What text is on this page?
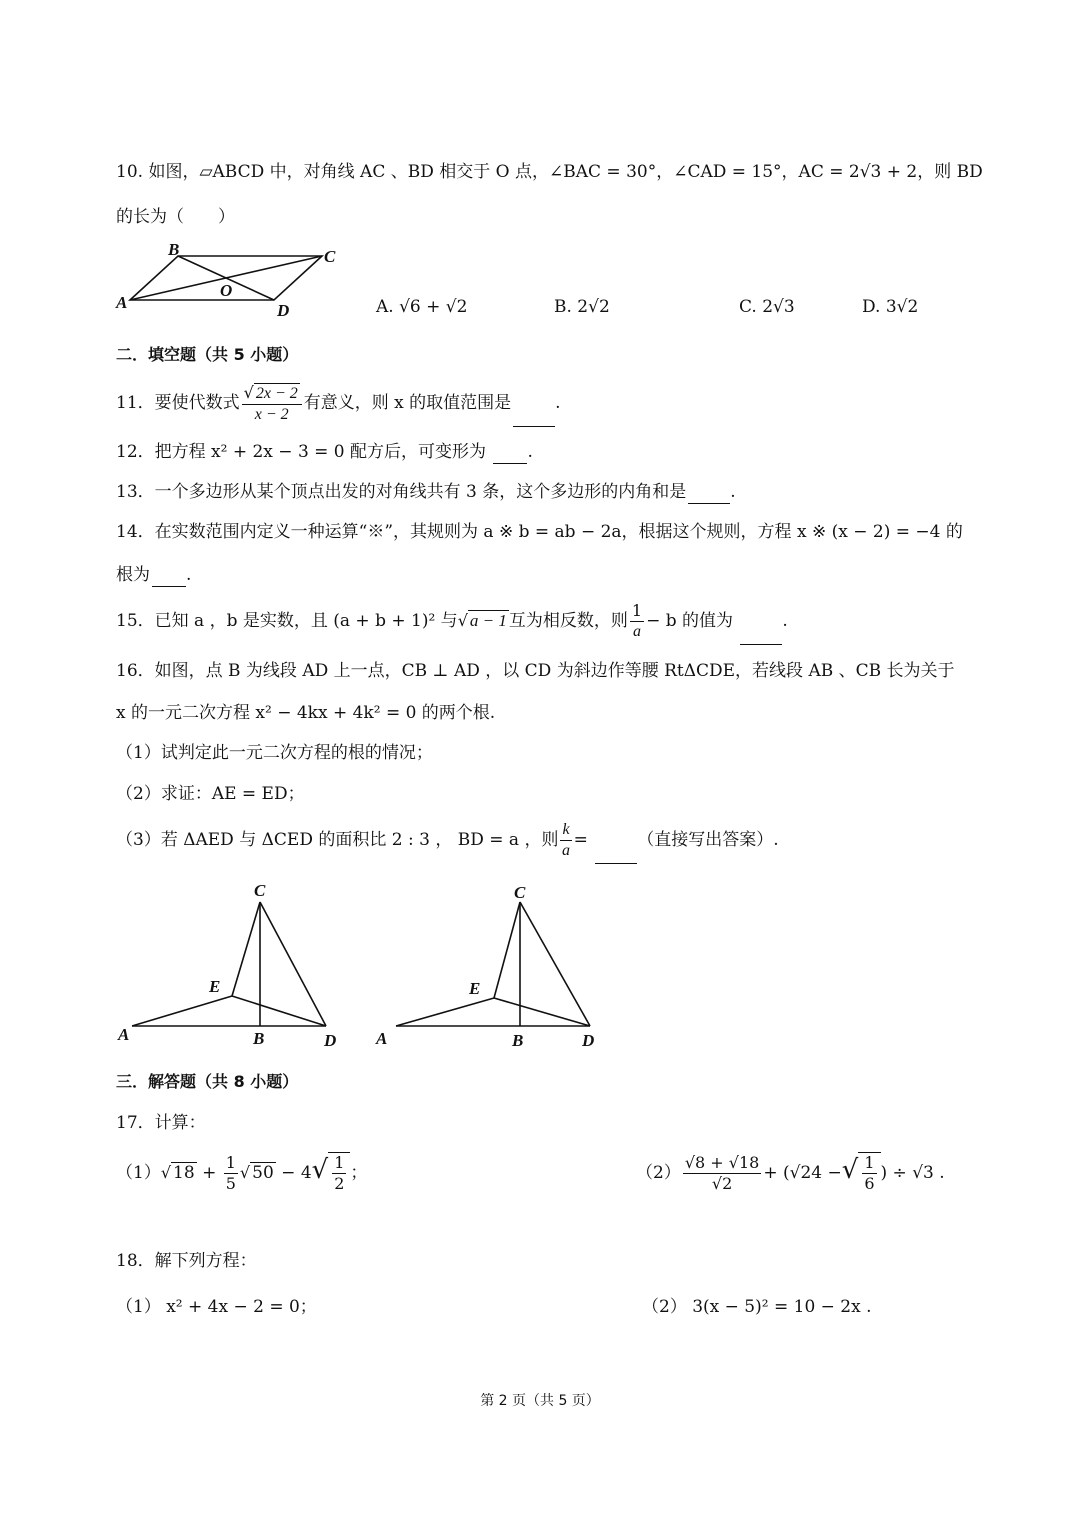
10. 如图，▱ABCD 中，对角线 AC 、BD 相交于 O 点，∠BAC = 30°，∠CAD = 15°，AC = 2√3 + 2，则 BD
的长为（　　）
B	C
A
O
D	A. √6 + √2	B. 2√2	C. 2√3	D. 3√2
二．填空题（共 5 小题）
11．要使代数式 $\frac{√ 2x - 2}{x - 2}$ 有意义，则 x 的取值范围是	.
12．把方程 x² + 2x − 3 = 0 配方后，可变形为 .
13．一个多边形从某个顶点出发的对角线共有 3 条，这个多边形的内角和是	.
14．在实数范围内定义一种运算“※”，其规则为 a ※ b = ab − 2a，根据这个规则，方程 x ※ (x − 2) = −4 的
根为 .
15．已知 a ，b 是实数，且 (a + b + 1)² 与√ a − 1 互为相反数，则 $\frac{1}{a} - b$ 的值为	.
16．如图，点 B 为线段 AD 上一点，CB ⊥ AD ，以 CD 为斜边作等腰 RtΔCDE，若线段 AB 、CB 长为关于
x 的一元二次方程 x² − 4kx + 4k² = 0 的两个根.
（1）试判定此一元二次方程的根的情况；
（2）求证：AE = ED；
（3）若 ΔAED 与 ΔCED 的面积比 2 : 3 ， BD = a ，则 $\frac{k}{a}$ =	（直接写出答案）.
C
E
A	B	D
C
E
A	B	D
三．解答题（共 8 小题）
17．计算：
（1）√ $18 + \frac{1}{5}$ √ $50 - 4√ \frac{1}{2}$ ；	$(2) \frac{√8 + √18}{√2} + (√24$ −√ $\frac{1}{6}$ ) ÷ √3 .
18．解下列方程：
（1） x² + 4x − 2 = 0；	（2） 3(x − 5)² = 10 − 2x .
第 2 页（共 5 页）
